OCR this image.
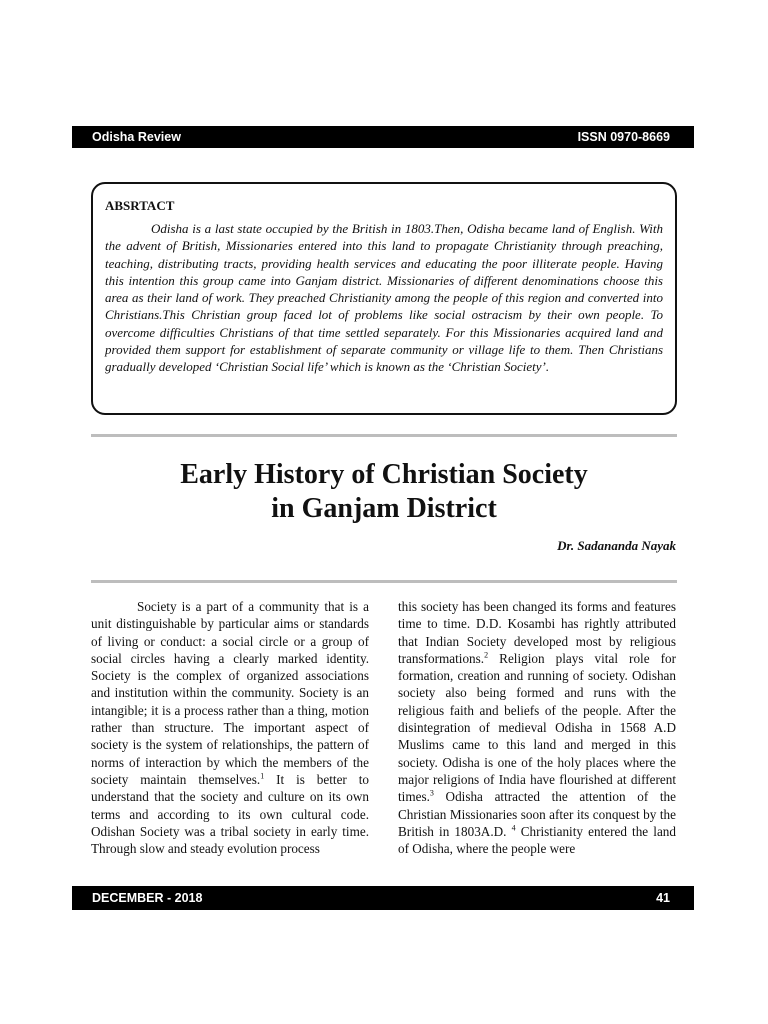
Odisha Review	ISSN 0970-8669

ABSRTACT

Odisha is a last state occupied by the British in 1803.Then, Odisha became land of English. With the advent of British, Missionaries entered into this land to propagate Christianity through preaching, teaching, distributing tracts, providing health services and educating the poor illiterate people. Having this intention this group came into Ganjam district. Missionaries of different denominations choose this area as their land of work. They preached Christianity among the people of this region and converted into Christians.This Christian group faced lot of problems like social ostracism by their own people. To overcome difficulties Christians of that time settled separately. For this Missionaries acquired land and provided them support for establishment of separate community or village life to them. Then Christians gradually developed ‘Christian Social life’ which is known as the ‘Christian Society’.

Early History of Christian Society
in Ganjam District
Dr. Sadananda Nayak

Society is a part of a community that is a unit distinguishable by particular aims or standards of living or conduct: a social circle or a group of social circles having a clearly marked identity. Society is the complex of organized associations and institution within the community. Society is an intangible; it is a process rather than a thing, motion rather than structure. The important aspect of society is the system of relationships, the pattern of norms of interaction by which the members of the society maintain themselves.$^1$ It is better to understand that the society and culture on its own terms and according to its own cultural code. Odishan Society was a tribal society in early time. Through slow and steady evolution process

this society has been changed its forms and features time to time. D.D. Kosambi has rightly attributed that Indian Society developed most by religious transformations.$^2$ Religion plays vital role for formation, creation and running of society. Odishan society also being formed and runs with the religious faith and beliefs of the people. After the disintegration of medieval Odisha in 1568 A.D Muslims came to this land and merged in this society. Odisha is one of the holy places where the major religions of India have flourished at different times.$^3$ Odisha attracted the attention of the Christian Missionaries soon after its conquest by the British in 1803A.D. $^4$ Christianity entered the land of Odisha, where the people were

DECEMBER - 2018	41
